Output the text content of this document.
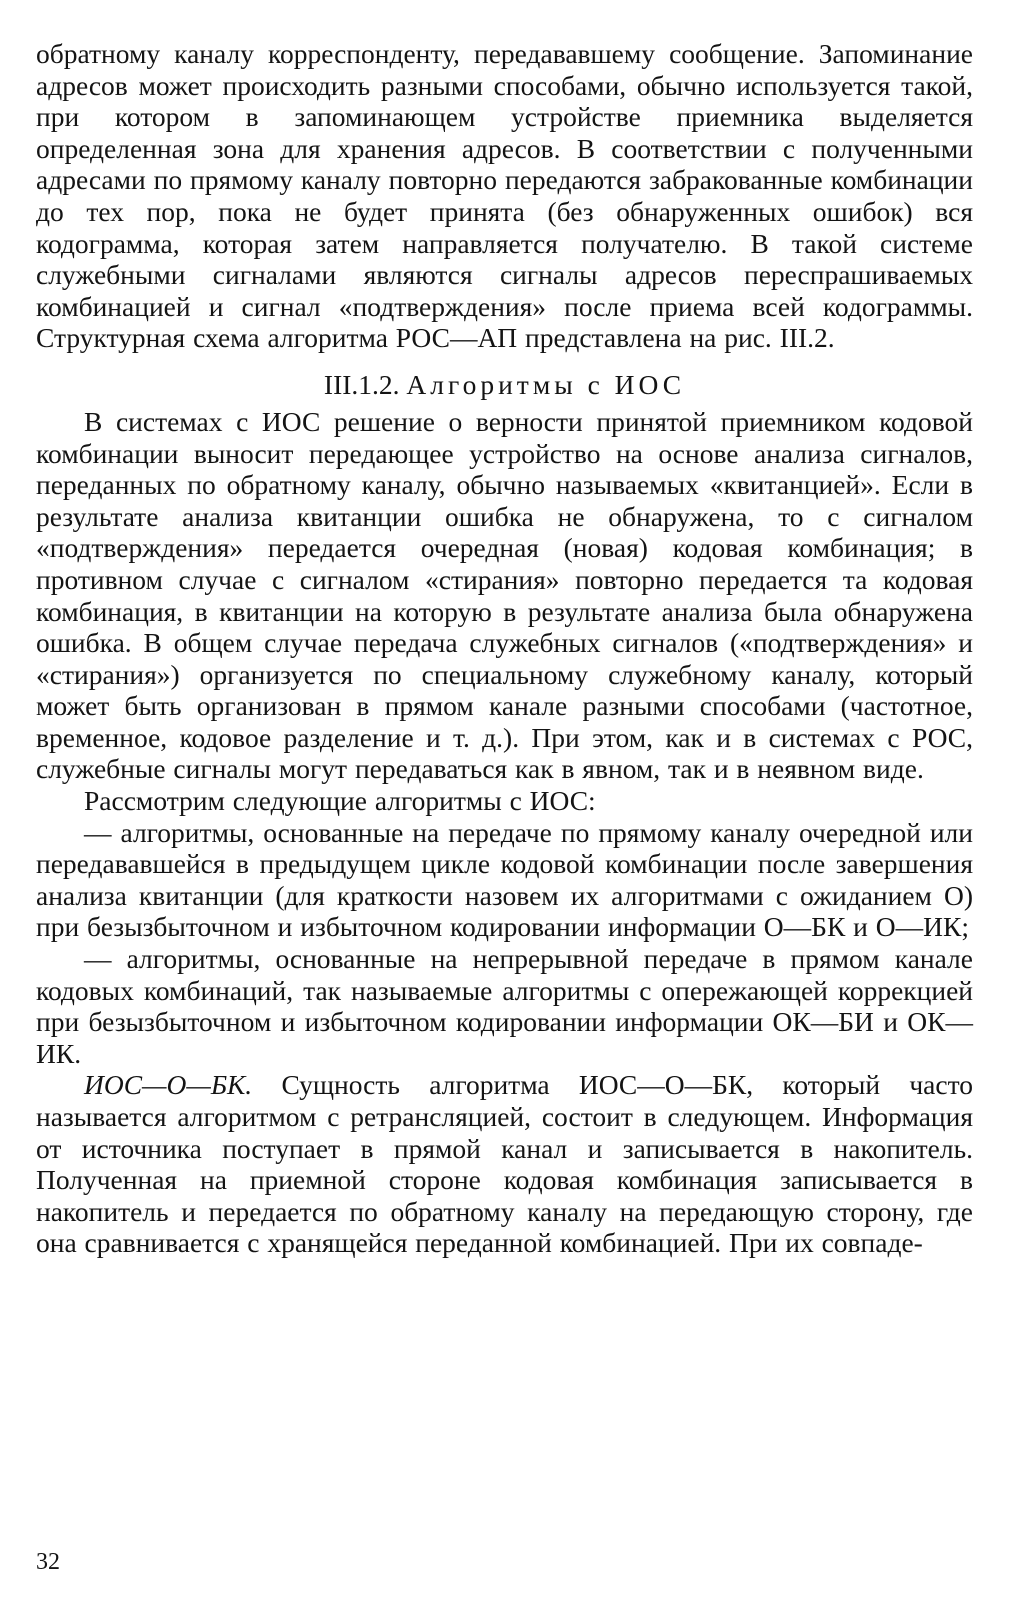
обратному каналу корреспонденту, передававшему сообщение. Запоминание адресов может происходить разными способами, обычно используется такой, при котором в запоминающем устройстве приемника выделяется определенная зона для хранения адресов. В соответствии с полученными адресами по прямому каналу повторно передаются забракованные комбинации до тех пор, пока не будет принята (без обнаруженных ошибок) вся кодограмма, которая затем направляется получателю. В такой системе служебными сигналами являются сигналы адресов переспрашиваемых комбинацией и сигнал «подтверждения» после приема всей кодограммы. Структурная схема алгоритма РОС—АП представлена на рис. III.2.

III.1.2. Алгоритмы с ИОС

В системах с ИОС решение о верности принятой приемником кодовой комбинации выносит передающее устройство на основе анализа сигналов, переданных по обратному каналу, обычно называемых «квитанцией». Если в результате анализа квитанции ошибка не обнаружена, то с сигналом «подтверждения» передается очередная (новая) кодовая комбинация; в противном случае с сигналом «стирания» повторно передается та кодовая комбинация, в квитанции на которую в результате анализа была обнаружена ошибка. В общем случае передача служебных сигналов («подтверждения» и «стирания») организуется по специальному служебному каналу, который может быть организован в прямом канале разными способами (частотное, временное, кодовое разделение и т. д.). При этом, как и в системах с РОС, служебные сигналы могут передаваться как в явном, так и в неявном виде.

Рассмотрим следующие алгоритмы с ИОС:

— алгоритмы, основанные на передаче по прямому каналу очередной или передававшейся в предыдущем цикле кодовой комбинации после завершения анализа квитанции (для краткости назовем их алгоритмами с ожиданием О) при безызбыточном и избыточном кодировании информации О—БК и О—ИК;

— алгоритмы, основанные на непрерывной передаче в прямом канале кодовых комбинаций, так называемые алгоритмы с опережающей коррекцией при безызбыточном и избыточном кодировании информации ОК—БИ и ОК—ИК.

ИОС—О—БК. Сущность алгоритма ИОС—О—БК, который часто называется алгоритмом с ретрансляцией, состоит в следующем. Информация от источника поступает в прямой канал и записывается в накопитель. Полученная на приемной стороне кодовая комбинация записывается в накопитель и передается по обратному каналу на передающую сторону, где она сравнивается с хранящейся переданной комбинацией. При их совпаде-

32
